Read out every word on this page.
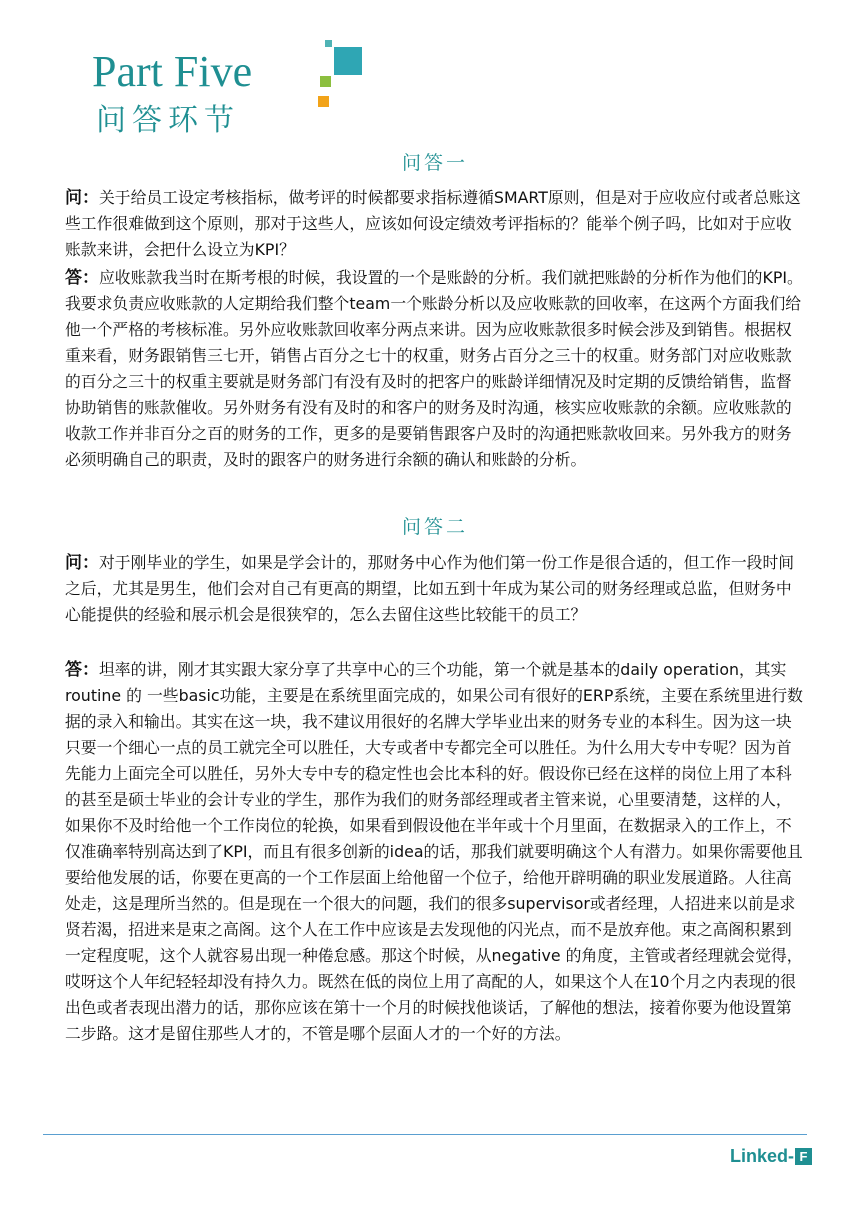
Part Five
问答环节
问答一

问：关于给员工设定考核指标，做考评的时候都要求指标遵循SMART原则，但是对于应收应付或者总账这些工作很难做到这个原则，那对于这些人，应该如何设定绩效考评指标的？能举个例子吗，比如对于应收账款来讲，会把什么设立为KPI？

答：应收账款我当时在斯考根的时候，我设置的一个是账龄的分析。我们就把账龄的分析作为他们的KPI。我要求负责应收账款的人定期给我们整个team一个账龄分析以及应收账款的回收率，在这两个方面我们给他一个严格的考核标准。另外应收账款回收率分两点来讲。因为应收账款很多时候会涉及到销售。根据权重来看，财务跟销售三七开，销售占百分之七十的权重，财务占百分之三十的权重。财务部门对应收账款的百分之三十的权重主要就是财务部门有没有及时的把客户的账龄详细情况及时定期的反馈给销售，监督协助销售的账款催收。另外财务有没有及时的和客户的财务及时沟通，核实应收账款的余额。应收账款的收款工作并非百分之百的财务的工作，更多的是要销售跟客户及时的沟通把账款收回来。另外我方的财务必须明确自己的职责，及时的跟客户的财务进行余额的确认和账龄的分析。

问答二

问：对于刚毕业的学生，如果是学会计的，那财务中心作为他们第一份工作是很合适的，但工作一段时间之后，尤其是男生，他们会对自己有更高的期望，比如五到十年成为某公司的财务经理或总监，但财务中心能提供的经验和展示机会是很狭窄的，怎么去留住这些比较能干的员工？

答：坦率的讲，刚才其实跟大家分享了共享中心的三个功能，第一个就是基本的daily operation，其实routine 的 一些basic功能，主要是在系统里面完成的，如果公司有很好的ERP系统，主要在系统里进行数据的录入和输出。其实在这一块，我不建议用很好的名牌大学毕业出来的财务专业的本科生。因为这一块只要一个细心一点的员工就完全可以胜任，大专或者中专都完全可以胜任。为什么用大专中专呢？因为首先能力上面完全可以胜任，另外大专中专的稳定性也会比本科的好。假设你已经在这样的岗位上用了本科的甚至是硕士毕业的会计专业的学生，那作为我们的财务部经理或者主管来说，心里要清楚，这样的人，如果你不及时给他一个工作岗位的轮换，如果看到假设他在半年或十个月里面，在数据录入的工作上，不仅准确率特别高达到了KPI，而且有很多创新的idea的话，那我们就要明确这个人有潜力。如果你需要他且要给他发展的话，你要在更高的一个工作层面上给他留一个位子，给他开辟明确的职业发展道路。人往高处走，这是理所当然的。但是现在一个很大的问题，我们的很多supervisor或者经理，人招进来以前是求贤若渴，招进来是束之高阁。这个人在工作中应该是去发现他的闪光点，而不是放弃他。束之高阁积累到一定程度呢，这个人就容易出现一种倦怠感。那这个时候，从negative 的角度，主管或者经理就会觉得，哎呀这个人年纪轻轻却没有持久力。既然在低的岗位上用了高配的人，如果这个人在10个月之内表现的很出色或者表现出潜力的话，那你应该在第十一个月的时候找他谈话，了解他的想法，接着你要为他设置第二步路。这才是留住那些人才的，不管是哪个层面人才的一个好的方法。

Linked- F
